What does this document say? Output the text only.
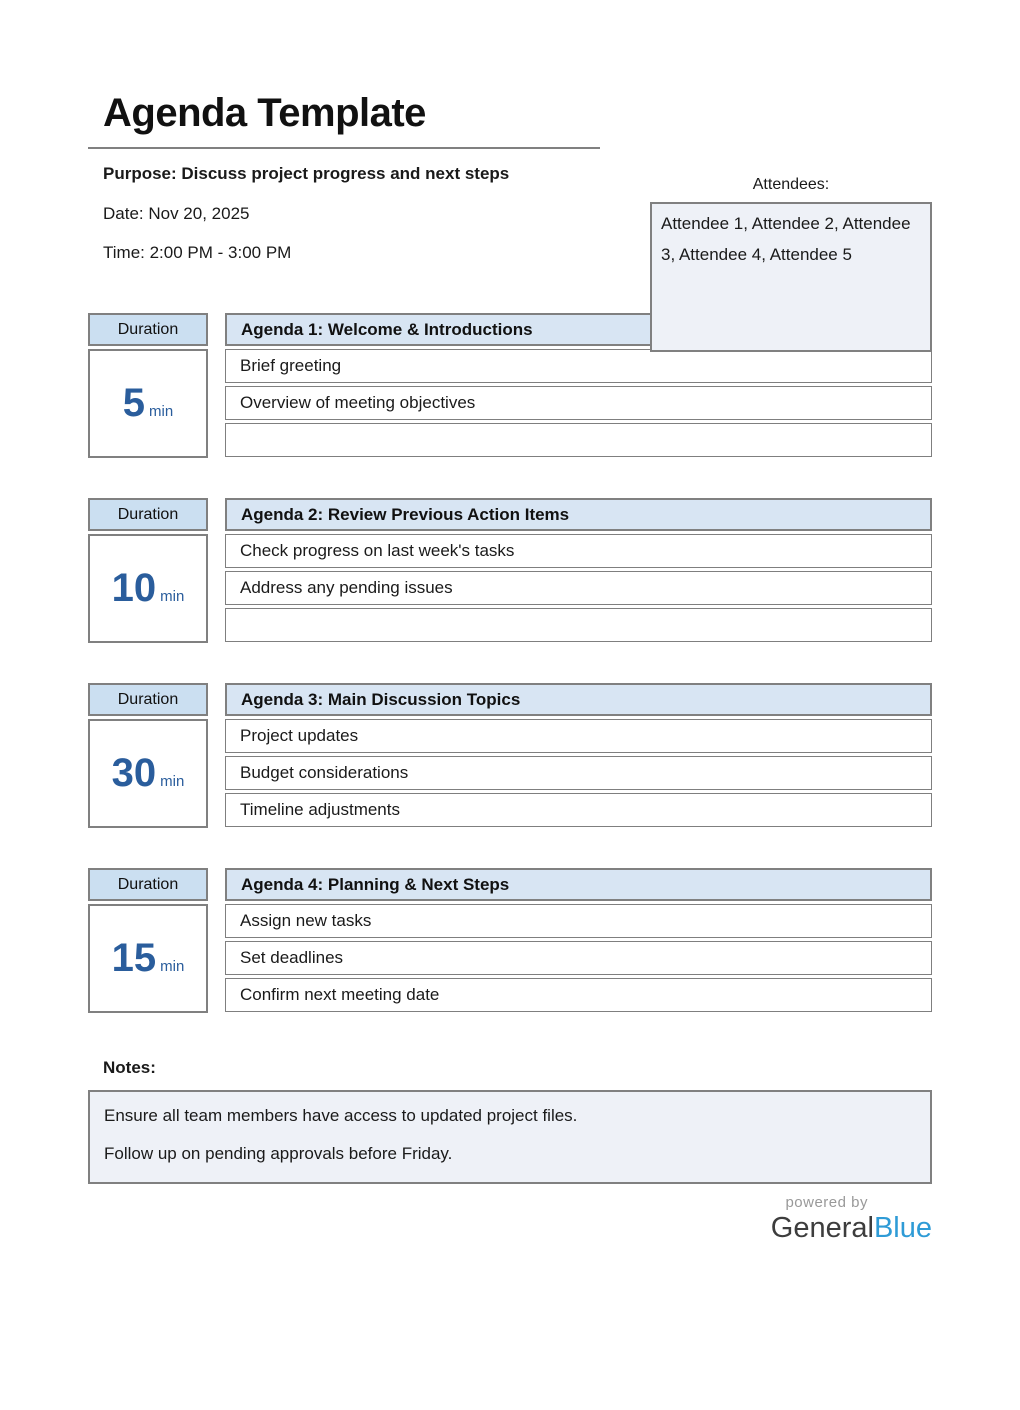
Agenda Template

Purpose: Discuss project progress and next steps

Date: Nov 20, 2025

Time: 2:00 PM - 3:00 PM

Attendees:
Attendee 1, Attendee 2, Attendee 3, Attendee 4, Attendee 5
Duration
5 min
Agenda 1: Welcome & Introductions
Brief greeting
Overview of meeting objectives
Duration
10 min
Agenda 2: Review Previous Action Items
Check progress on last week's tasks
Address any pending issues
Duration
30 min
Agenda 3: Main Discussion Topics
Project updates
Budget considerations
Timeline adjustments
Duration
15 min
Agenda 4: Planning & Next Steps
Assign new tasks
Set deadlines
Confirm next meeting date
Notes:

Ensure all team members have access to updated project files.

Follow up on pending approvals before Friday.

powered by
GeneralBlue
